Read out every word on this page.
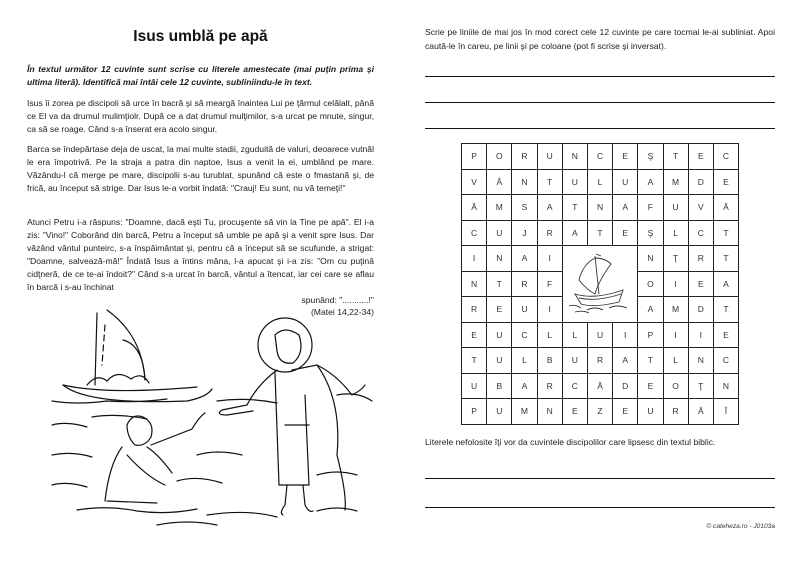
Isus umblă pe apă
În textul următor 12 cuvinte sunt scrise cu literele amestecate (mai puţin prima şi ultima literă). Identifică mai întâi cele 12 cuvinte, subliniindu-le în text.
Isus îi zorea pe discipoli să urce în bacră şi să meargă înaintea Lui pe ţărmul celălalt, până ce El va da drumul mulimţiolr. După ce a dat drumul mulţimilor, s-a urcat pe mnute, singur, ca să se roage. Când s-a înserat era acolo singur.
Barca se îndepărtase deja de uscat, la mai multe stadii, zguduită de valuri, deoarece vutnăl le era împotrivă. Pe la straja a patra din naptoe, Isus a venit la ei, umblând pe mare. Văzându-l că merge pe mare, discipolii s-au turublat, spunând că este o fmastană şi, de frică, au început să strige. Dar Isus le-a vorbit îndată: "Crauj! Eu sunt, nu vă temeţi!"
Atunci Petru i-a răspuns: "Doamne, dacă eşti Tu, procuşente să vin la Tine pe apă". El i-a zis: "Vino!" Coborând din barcă, Petru a început să umble pe apă şi a venit spre Isus. Dar văzând vântul punteirc, s-a înspăimântat şi, pentru că a început să se scufunde, a strigat: "Doamne, salvează-mă!" Îndată Isus a întins mâna, l-a apucat şi i-a zis: "Om cu puţină cidţneră, de ce te-ai îndoit?" Când s-a urcat în barcă, vântul a îtencat, iar cei care se aflau în barcă i s-au închinat
spunând: "...........!"
(Matei 14,22-34)
Scrie pe liniile de mai jos în mod corect cele 12 cuvinte pe care tocmai le-ai subliniat. Apoi caută-le în careu, pe linii şi pe coloane (pot fi scrise şi inversat).
P	O	R	U	N	C	E	Ş	T	E	C
V	Â	N	T	U	L	U	A	M	D	E
Ă	M	S	A	T	N	A	F	U	V	Ă
C	U	J	R	A	T	E	Ş	L	C	T
I	N	A	I				N	Ţ	R	T
N	T	R	F				O	I	E	A
R	E	U	I				A	M	D	T
E	U	C	L	L	U	I	P	I	I	E
T	U	L	B	U	R	A	T	L	N	C
U	B	A	R	C	Ă	D	E	O	Ţ	N
P	U	M	N	E	Z	E	U	R	Ă	Î
Literele nefolosite îţi vor da cuvintele discipolilor care lipsesc din textul biblic.
© cateheza.ro - J0103a
